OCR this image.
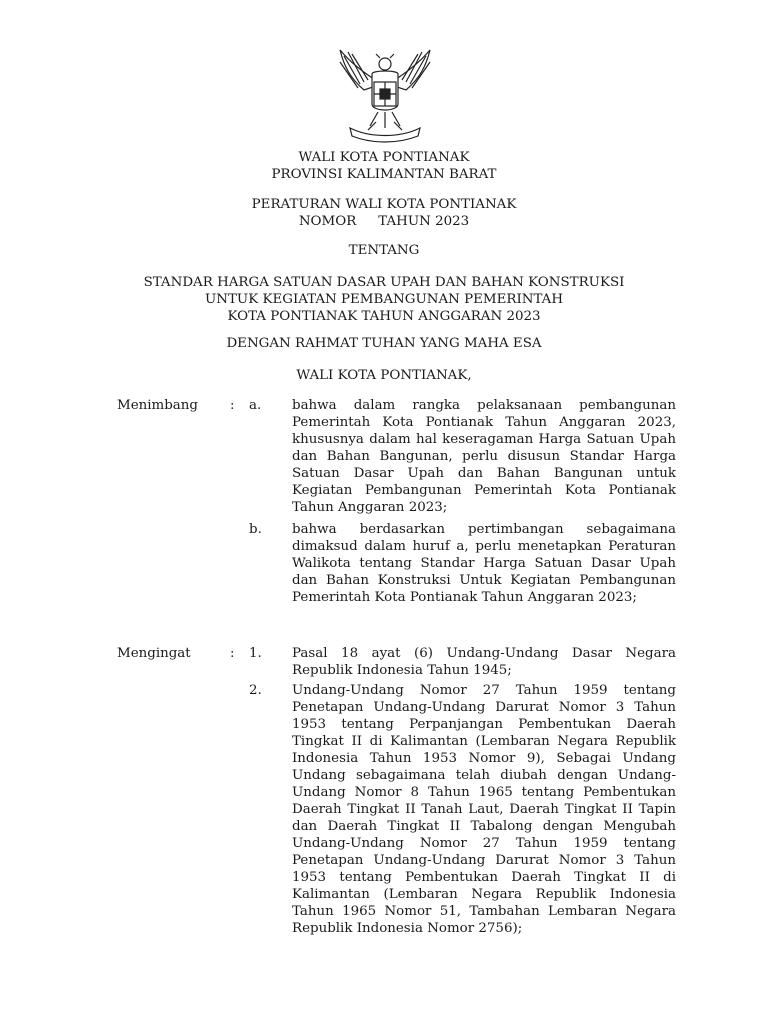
WALI KOTA PONTIANAK
PROVINSI KALIMANTAN BARAT
PERATURAN WALI KOTA PONTIANAK
NOMOR TAHUN 2023
TENTANG
STANDAR HARGA SATUAN DASAR UPAH DAN BAHAN KONSTRUKSI
UNTUK KEGIATAN PEMBANGUNAN PEMERINTAH
KOTA PONTIANAK TAHUN ANGGARAN 2023
DENGAN RAHMAT TUHAN YANG MAHA ESA
WALI KOTA PONTIANAK,
Menimbang : a. bahwa dalam rangka pelaksanaan pembangunan Pemerintah Kota Pontianak Tahun Anggaran 2023, khususnya dalam hal keseragaman Harga Satuan Upah dan Bahan Bangunan, perlu disusun Standar Harga Satuan Dasar Upah dan Bahan Bangunan untuk Kegiatan Pembangunan Pemerintah Kota Pontianak Tahun Anggaran 2023;
b. bahwa berdasarkan pertimbangan sebagaimana dimaksud dalam huruf a, perlu menetapkan Peraturan Walikota tentang Standar Harga Satuan Dasar Upah dan Bahan Konstruksi Untuk Kegiatan Pembangunan Pemerintah Kota Pontianak Tahun Anggaran 2023;
Mengingat	: 1. Pasal 18 ayat (6) Undang-Undang Dasar Negara Republik Indonesia Tahun 1945;
2. Undang-Undang Nomor 27 Tahun 1959 tentang Penetapan Undang-Undang Darurat Nomor 3 Tahun 1953 tentang Perpanjangan Pembentukan Daerah Tingkat II di Kalimantan (Lembaran Negara Republik Indonesia Tahun 1953 Nomor 9), Sebagai Undang Undang sebagaimana telah diubah dengan Undang-Undang Nomor 8 Tahun 1965 tentang Pembentukan Daerah Tingkat II Tanah Laut, Daerah Tingkat II Tapin dan Daerah Tingkat II Tabalong dengan Mengubah Undang-Undang Nomor 27 Tahun 1959 tentang Penetapan Undang-Undang Darurat Nomor 3 Tahun 1953 tentang Pembentukan Daerah Tingkat II di Kalimantan (Lembaran Negara Republik Indonesia Tahun 1965 Nomor 51, Tambahan Lembaran Negara Republik Indonesia Nomor 2756);
